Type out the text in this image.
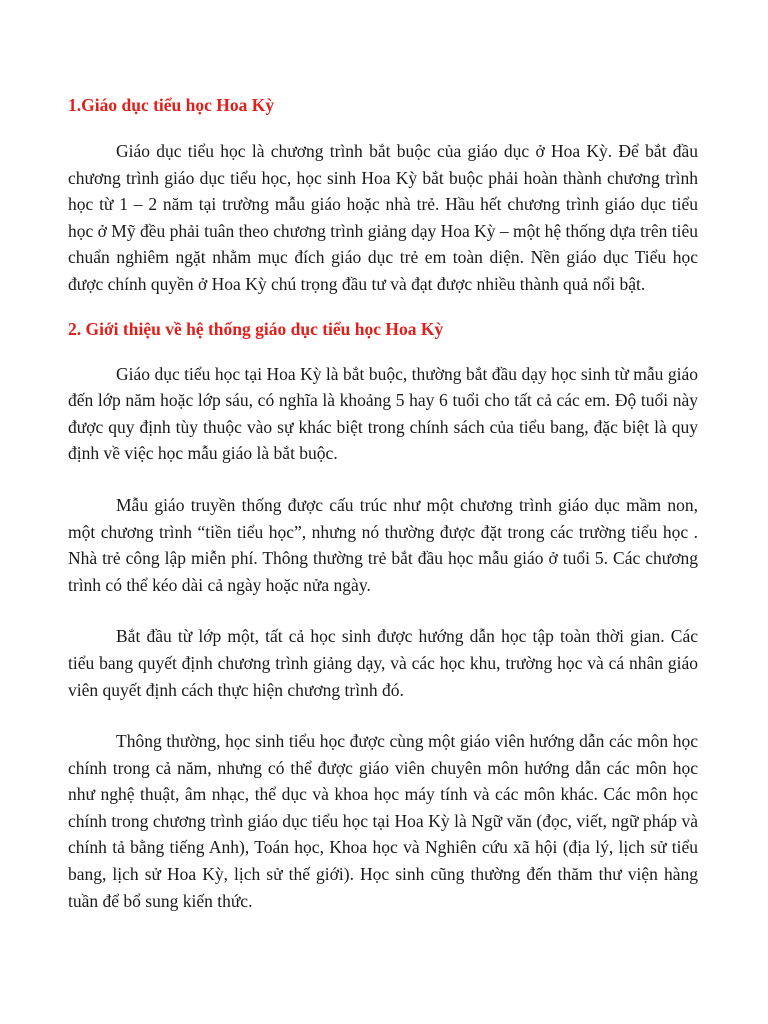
1.Giáo dục tiểu học Hoa Kỳ

Giáo dục tiểu học là chương trình bắt buộc của giáo dục ở Hoa Kỳ. Để bắt đầu chương trình giáo dục tiểu học, học sinh Hoa Kỳ bắt buộc phải hoàn thành chương trình học từ 1 – 2 năm tại trường mẫu giáo hoặc nhà trẻ. Hầu hết chương trình giáo dục tiểu học ở Mỹ đều phải tuân theo chương trình giảng dạy Hoa Kỳ – một hệ thống dựa trên tiêu chuẩn nghiêm ngặt nhằm mục đích giáo dục trẻ em toàn diện. Nền giáo dục Tiểu học được chính quyền ở Hoa Kỳ chú trọng đầu tư và đạt được nhiều thành quả nổi bật.

2. Giới thiệu về hệ thống giáo dục tiểu học Hoa Kỳ

Giáo dục tiểu học tại Hoa Kỳ là bắt buộc, thường bắt đầu dạy học sinh từ mẫu giáo đến lớp năm hoặc lớp sáu, có nghĩa là khoảng 5 hay 6 tuổi cho tất cả các em. Độ tuổi này được quy định tùy thuộc vào sự khác biệt trong chính sách của tiểu bang, đặc biệt là quy định về việc học mẫu giáo là bắt buộc.

Mẫu giáo truyền thống được cấu trúc như một chương trình giáo dục mầm non, một chương trình “tiền tiểu học”, nhưng nó thường được đặt trong các trường tiểu học . Nhà trẻ công lập miễn phí. Thông thường trẻ bắt đầu học mẫu giáo ở tuổi 5. Các chương trình có thể kéo dài cả ngày hoặc nửa ngày.

Bắt đầu từ lớp một, tất cả học sinh được hướng dẫn học tập toàn thời gian. Các tiểu bang quyết định chương trình giảng dạy, và các học khu, trường học và cá nhân giáo viên quyết định cách thực hiện chương trình đó.

Thông thường, học sinh tiểu học được cùng một giáo viên hướng dẫn các môn học chính trong cả năm, nhưng có thể được giáo viên chuyên môn hướng dẫn các môn học như nghệ thuật, âm nhạc, thể dục và khoa học máy tính và các môn khác. Các môn học chính trong chương trình giáo dục tiểu học tại Hoa Kỳ là Ngữ văn (đọc, viết, ngữ pháp và chính tả bằng tiếng Anh), Toán học, Khoa học và Nghiên cứu xã hội (địa lý, lịch sử tiểu bang, lịch sử Hoa Kỳ, lịch sử thế giới). Học sinh cũng thường đến thăm thư viện hàng tuần để bổ sung kiến thức.
